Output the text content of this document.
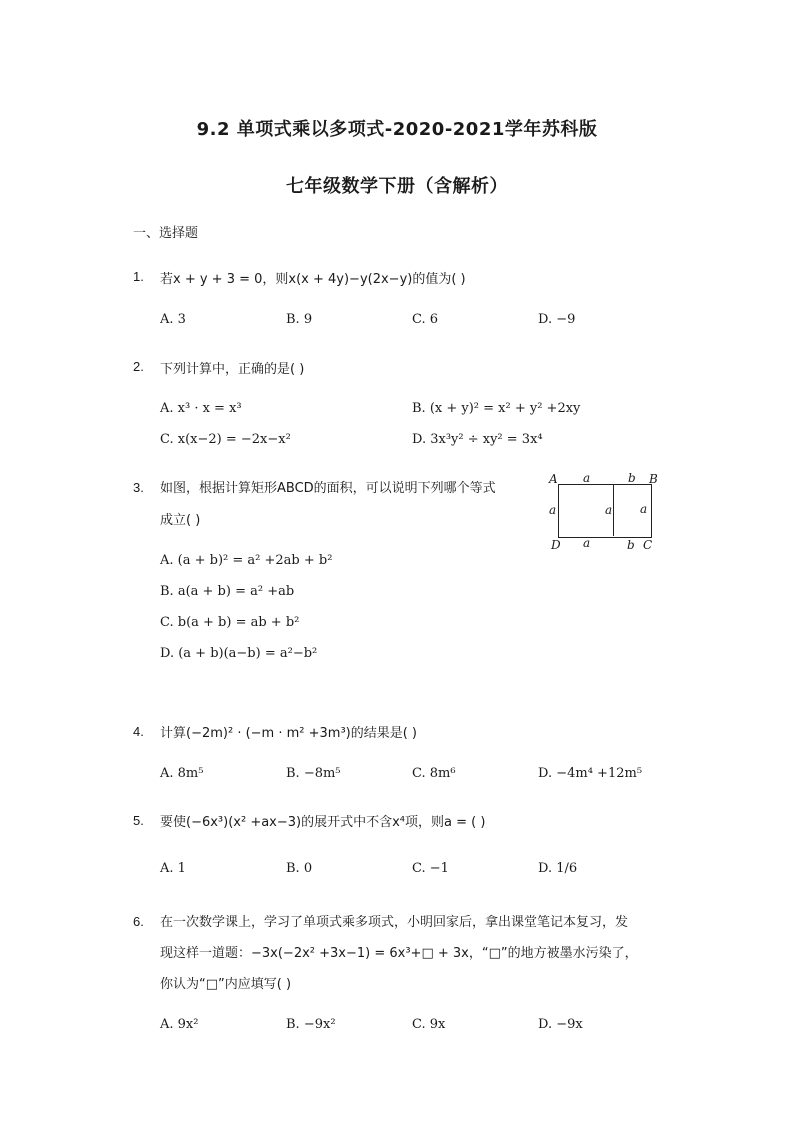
9.2 单项式乘以多项式-2020-2021学年苏科版
七年级数学下册（含解析）
一、选择题
1. 若x + y + 3 = 0，则x(x + 4y)−y(2x−y)的值为( )
A. 3	B. 9	C. 6	D. −9
2. 下列计算中，正确的是( )
A. x³ · x = x³	B. (x + y)² = x² + y² +2xy
C. x(x−2) = −2x−x²	D. 3x³y² ÷ xy² = 3x⁴
3. 如图，根据计算矩形ABCD的面积，可以说明下列哪个等式
成立( )
A. (a + b)² = a² +2ab + b²
B. a(a + b) = a² +ab
C. b(a + b) = ab + b²
D. (a + b)(a−b) = a²−b²
A a	b B
a	a a
D a	b C
4. 计算(−2m)² · (−m · m² +3m³)的结果是( )
A. 8m⁵	B. −8m⁵	C. 8m⁶	D. −4m⁴ +12m⁵
5. 要使(−6x³)(x² +ax−3)的展开式中不含x⁴项，则a = ( )
A. 1	B. 0	C. −1	D. 1/6
6. 在一次数学课上，学习了单项式乘多项式，小明回家后，拿出课堂笔记本复习，发
现这样一道题：−3x(−2x² +3x−1) = 6x³+□ + 3x，“□”的地方被墨水污染了，
你认为“□”内应填写( )
A. 9x²	B. −9x²	C. 9x	D. −9x
